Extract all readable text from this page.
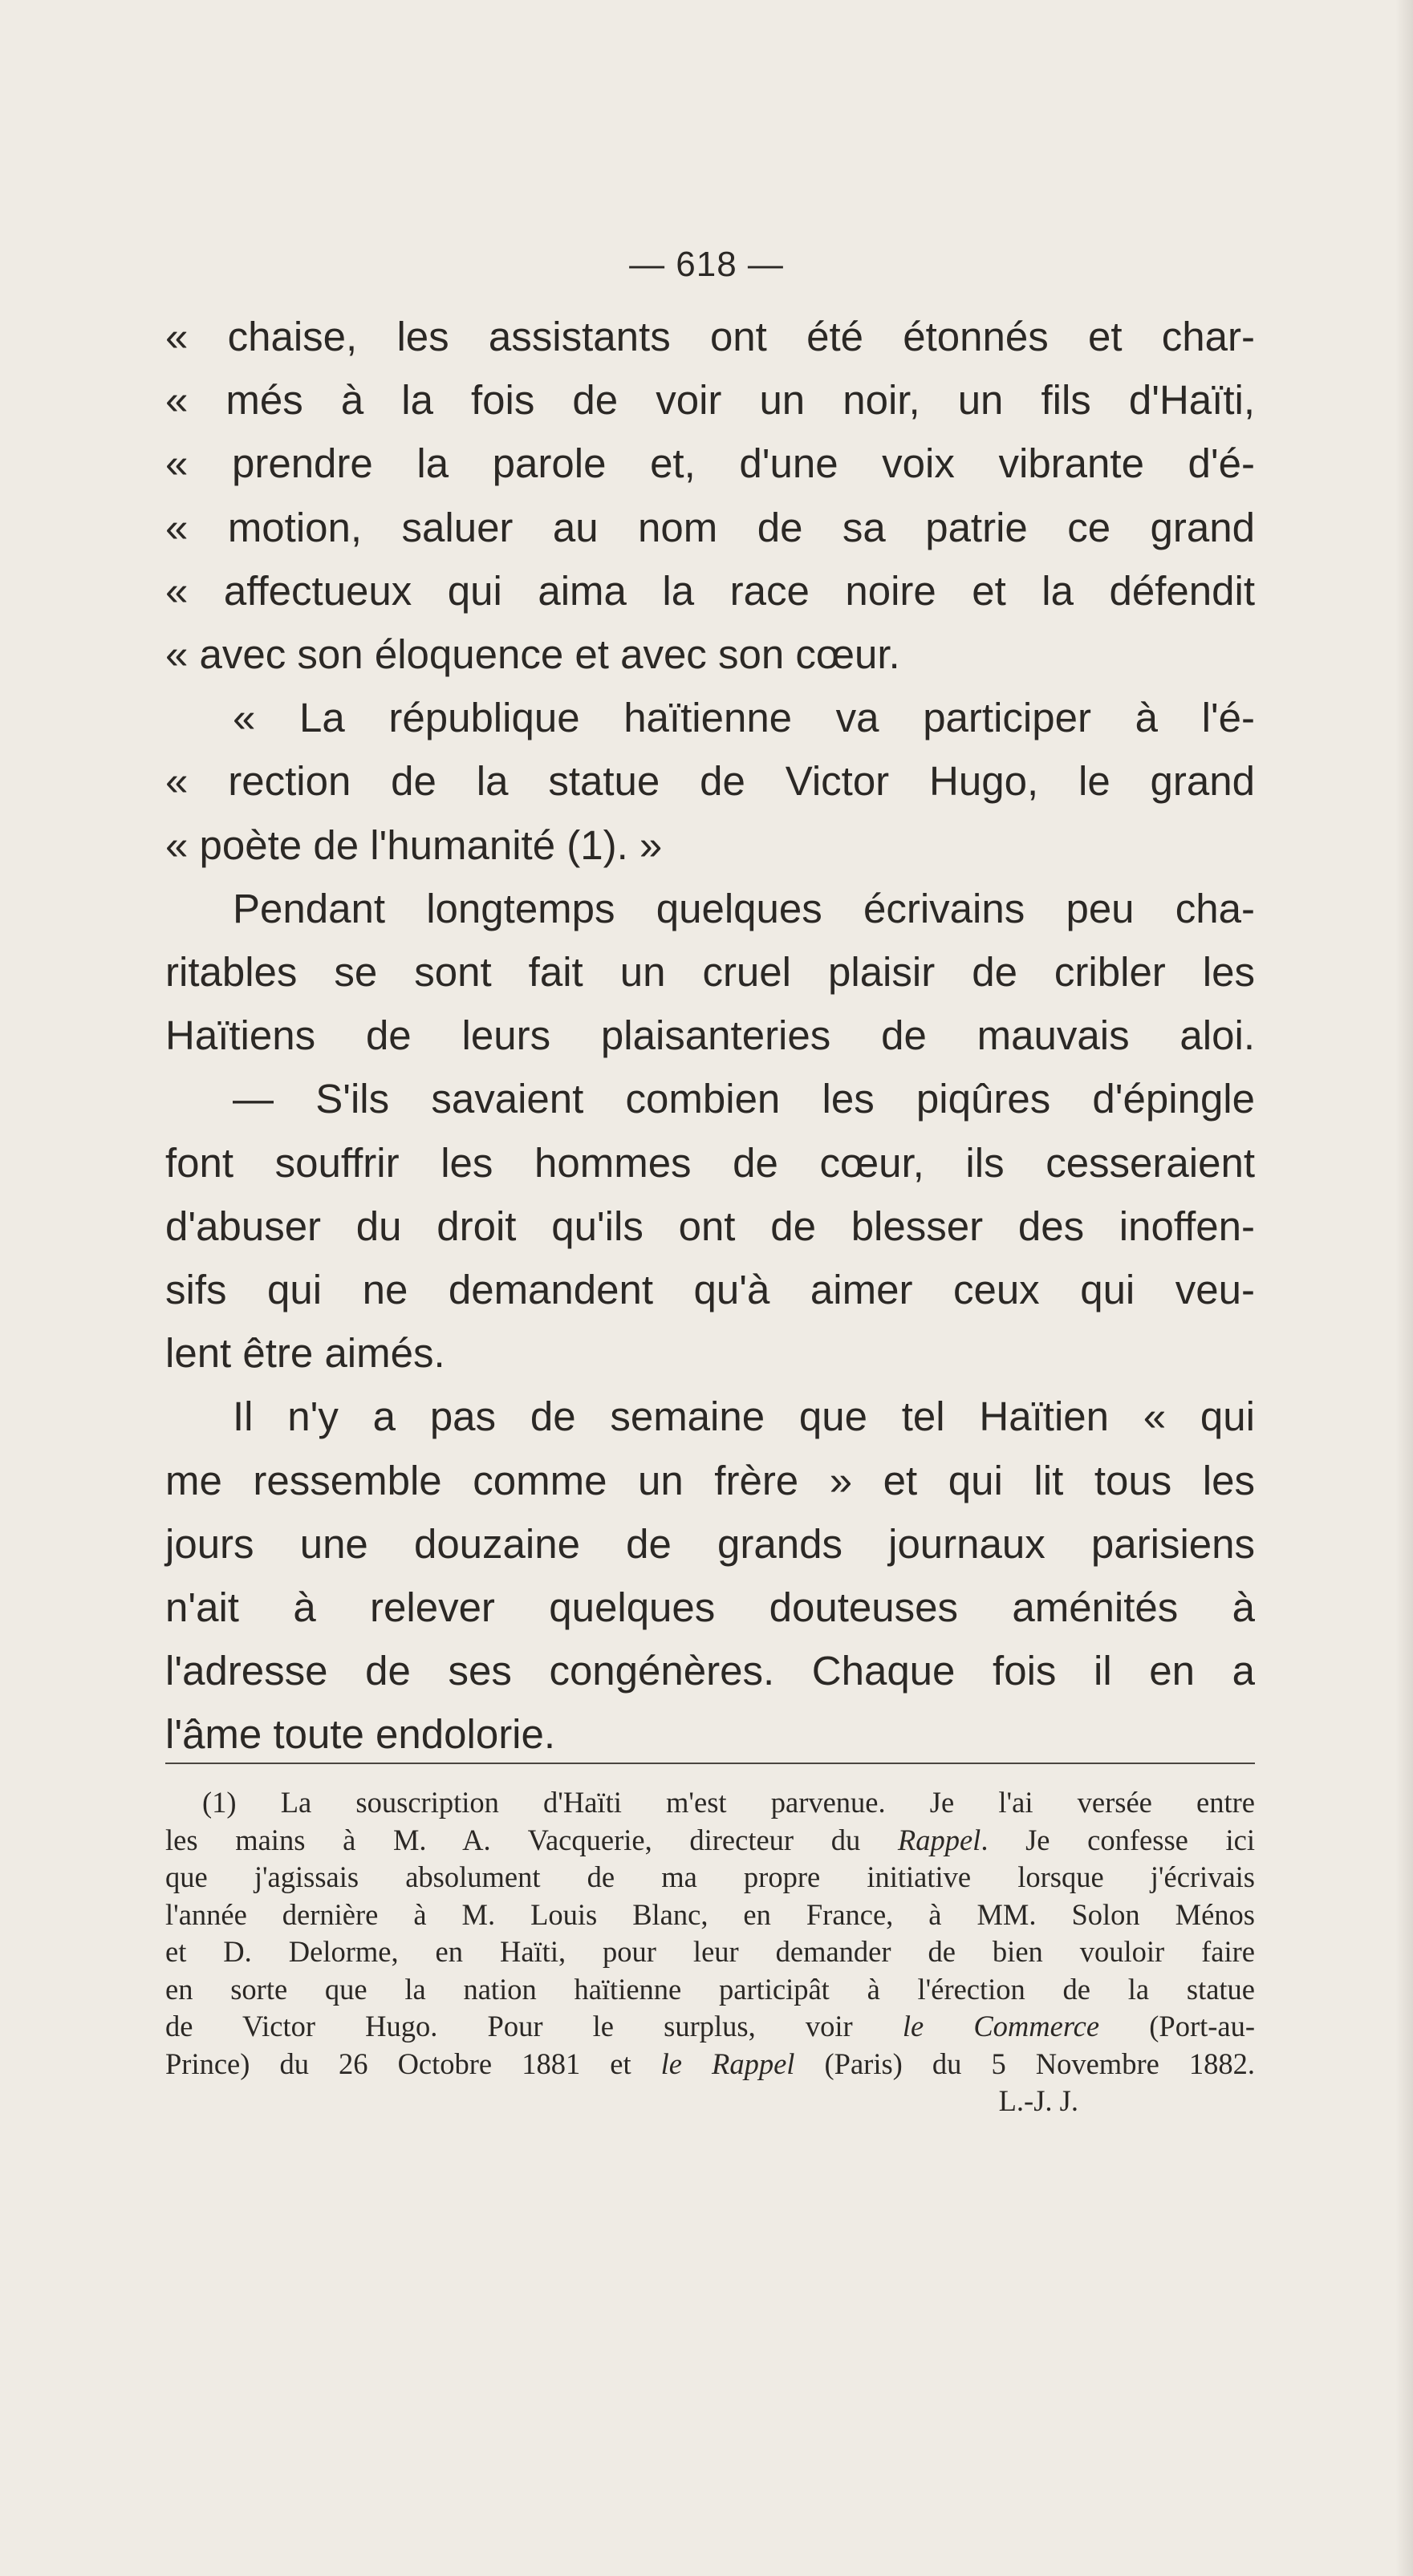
— 618 —
« chaise, les assistants ont été étonnés et char-
« més à la fois de voir un noir, un fils d'Haïti,
« prendre la parole et, d'une voix vibrante d'é-
« motion, saluer au nom de sa patrie ce grand
« affectueux qui aima la race noire et la défendit
« avec son éloquence et avec son cœur.
« La république haïtienne va participer à l'é-
« rection de la statue de Victor Hugo, le grand
« poète de l'humanité (1). »
Pendant longtemps quelques écrivains peu cha-
ritables se sont fait un cruel plaisir de cribler les
Haïtiens de leurs plaisanteries de mauvais aloi.
— S'ils savaient combien les piqûres d'épingle
font souffrir les hommes de cœur, ils cesseraient
d'abuser du droit qu'ils ont de blesser des inoffen-
sifs qui ne demandent qu'à aimer ceux qui veu-
lent être aimés.
Il n'y a pas de semaine que tel Haïtien « qui
me ressemble comme un frère » et qui lit tous les
jours une douzaine de grands journaux parisiens
n'ait à relever quelques douteuses aménités à
l'adresse de ses congénères. Chaque fois il en a
l'âme toute endolorie.
(1) La souscription d'Haïti m'est parvenue. Je l'ai versée entre
les mains à M. A. Vacquerie, directeur du Rappel. Je confesse ici
que j'agissais absolument de ma propre initiative lorsque j'écrivais
l'année dernière à M. Louis Blanc, en France, à MM. Solon Ménos
et D. Delorme, en Haïti, pour leur demander de bien vouloir faire
en sorte que la nation haïtienne participât à l'érection de la statue
de Victor Hugo. Pour le surplus, voir le Commerce (Port-au-
Prince) du 26 Octobre 1881 et le Rappel (Paris) du 5 Novembre 1882.
L.-J. J.
